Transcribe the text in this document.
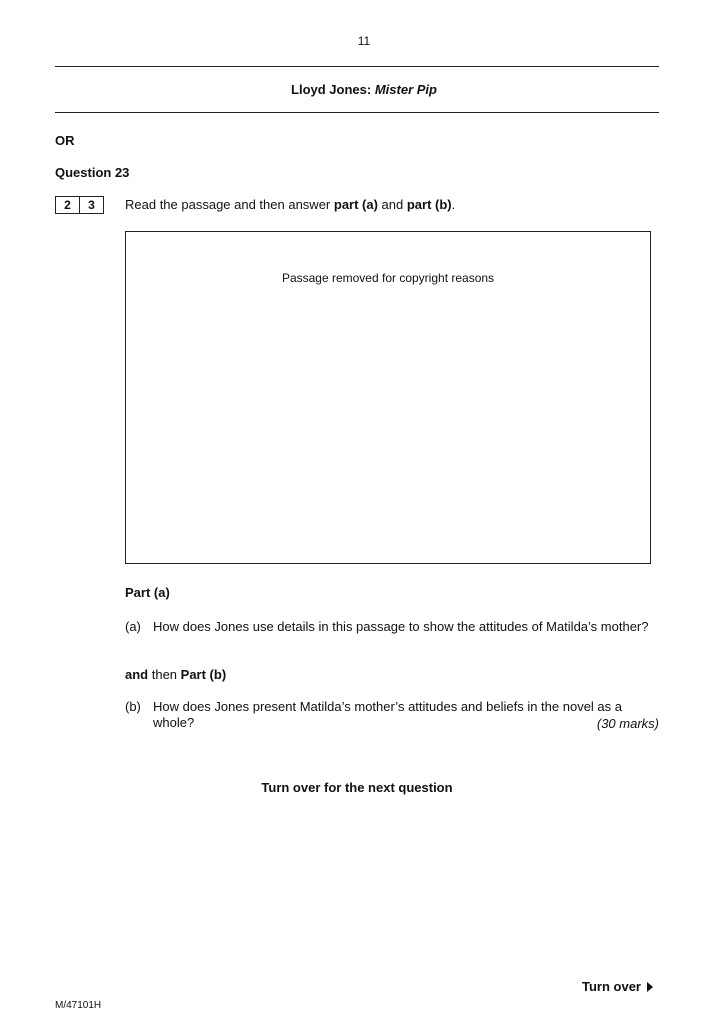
11
Lloyd Jones: Mister Pip
OR
Question 23
2	3	Read the passage and then answer part (a) and part (b).
Passage removed for copyright reasons
Part (a)
(a) How does Jones use details in this passage to show the attitudes of Matilda’s mother?
and then Part (b)
(b) How does Jones present Matilda’s mother’s attitudes and beliefs in the novel as a whole?	(30 marks)
Turn over for the next question
Turn over
M/47101H
